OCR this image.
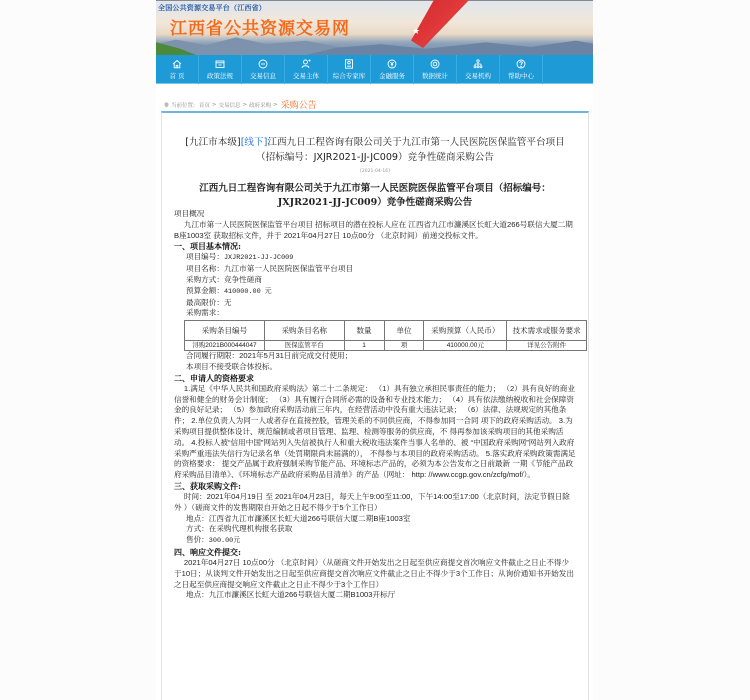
★
全国公共资源交易平台（江西省）
江西省公共资源交易网
首 页	政策法规	交易信息	交易主体 综合专家库 金融服务	数据统计	交易机构	帮助中心
当前位置: 首页 > 交易信息 > 政府采购 > 采购公告
[九江市本级][线下]江西九日工程咨询有限公司关于九江市第一人民医院医保监管平台项目（招标编号：JXJR2021-JJ-JC009）竞争性磋商采购公告
[2021-04-16]
江西九日工程咨询有限公司关于九江市第一人民医院医保监管平台项目（招标编号：JXJR2021-JJ-JC009）竞争性磋商采购公告
项目概况
九江市第一人民医院医保监管平台项目 招标项目的潜在投标人应在 江西省九江市濂溪区长虹大道266号联信大厦二期B座1003室 获取招标文件，并于 2021年04月27日 10点00分 （北京时间）前递交投标文件。
一、项目基本情况:
项目编号：JXJR2021-JJ-JC009
项目名称：九江市第一人民医院医保监管平台项目
采购方式：竞争性磋商
预算金额：410000.00 元
最高限价：无
采购需求：
采购条目编号	采购条目名称	数量	单位	采购预算（人民币）	技术需求或服务要求
浔购2021B000444047	医保监管平台	1	项	410000.00元	详见公告附件
合同履行期限：2021年5月31日前完成交付使用；
本项目不接受联合体投标。
二、申请人的资格要求
1.满足《中华人民共和国政府采购法》第二十二条规定： （1）具有独立承担民事责任的能力； （2）具有良好的商业信誉和健全的财务会计制度； （3）具有履行合同所必需的设备和专业技术能力； （4）具有依法缴纳税收和社会保障资金的良好记录； （5）参加政府采购活动前三年内，在经营活动中没有重大违法记录； （6）法律、法规规定的其他条件； 2.单位负责人为同一人或者存在直接控股，管理关系的不同供应商，不得参加同一合同 项下的政府采购活动。 3.为采购项目提供整体设计、规范编制或者项目管理、监理、检测等服务的供应商，不 得再参加该采购项目的其他采购活动。 4.投标人被“信用中国”网站列入失信被执行人和重大税收违法案件当事人名单的、被 “中国政府采购网”网站列入政府采购严重违法失信行为记录名单（处罚期限尚未届满的）， 不得参与本项目的政府采购活动。 5.落实政府采购政策需满足的资格要求： 提交产品属于政府强制采购节能产品、环境标志产品的，必须为本公告发布之日前最新 一期《节能产品政府采购品目清单》、《环境标志产品政府采购品目清单》的产品（网址： http: //www.ccgp.gov.cn/zcfg/mof/）。
三、获取采购文件:
时间：2021年04月19日 至 2021年04月23日，每天上午9:00至11:00，下午14:00至17:00（北京时间，法定节假日除外 ）（磋商文件的发售期限自开始之日起不得少于5个工作日）
地点：江西省九江市濂溪区长虹大道266号联信大厦二期B座1003室
方式：在采购代理机构报名获取
售价：300.00元
四、响应文件提交:
2021年04月27日 10点00分 （北京时间）（从磋商文件开始发出之日起至供应商提交首次响应文件截止之日止不得少于10日；从谈判文件开始发出之日起至供应商提交首次响应文件截止之日止不得少于3个工作日；从询价通知书开始发出之日起至供应商提交响应文件截止之日止不得少于3个工作日）
地点：九江市濂溪区长虹大道266号联信大厦二期B1003开标厅
